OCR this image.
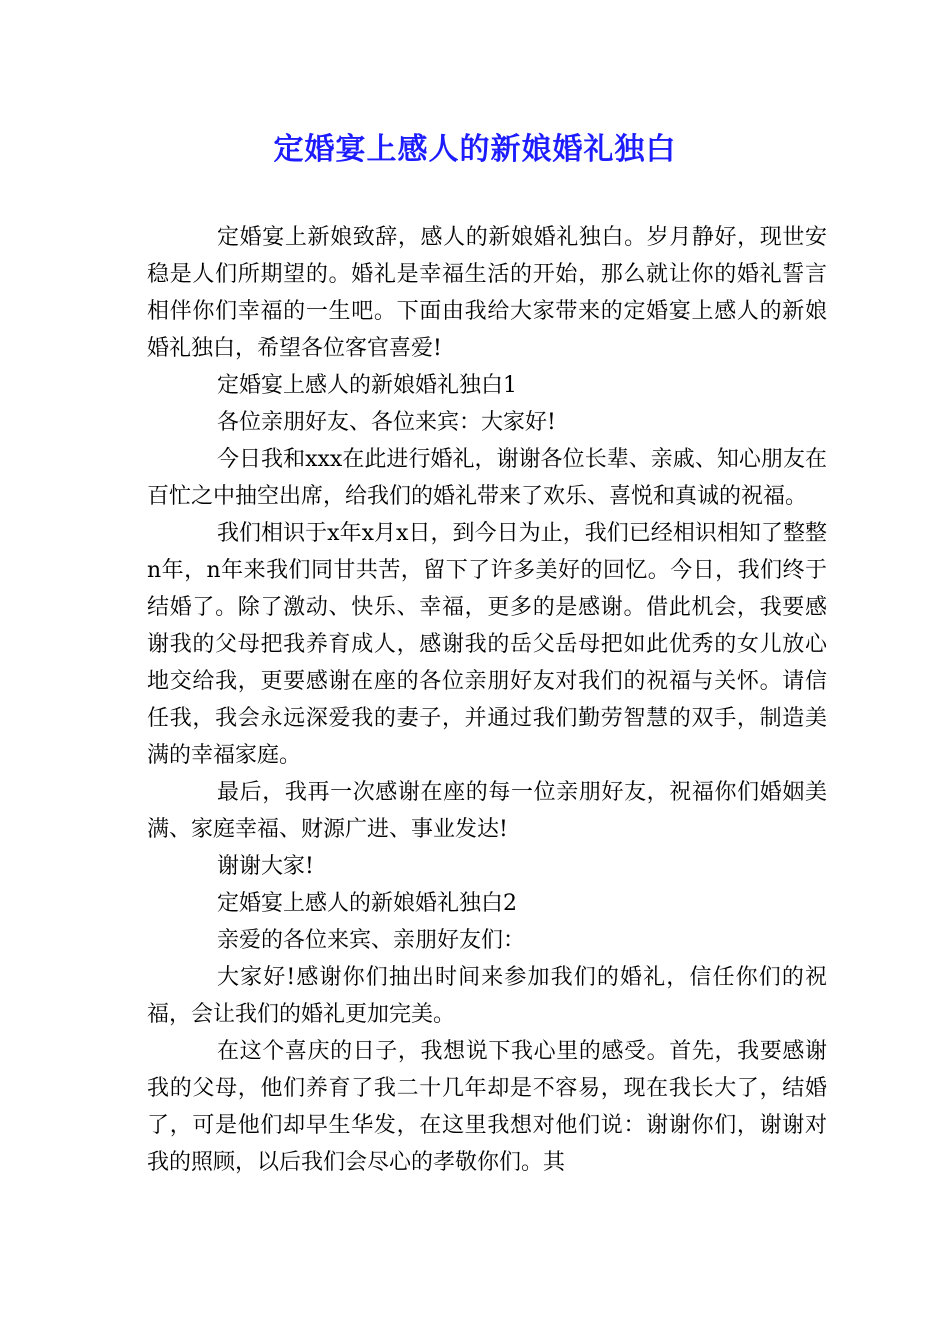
定婚宴上感人的新娘婚礼独白

定婚宴上新娘致辞，感人的新娘婚礼独白。岁月静好，现世安稳是人们所期望的。婚礼是幸福生活的开始，那么就让你的婚礼誓言相伴你们幸福的一生吧。下面由我给大家带来的定婚宴上感人的新娘婚礼独白，希望各位客官喜爱!

定婚宴上感人的新娘婚礼独白1

各位亲朋好友、各位来宾：大家好!

今日我和xxx在此进行婚礼，谢谢各位长辈、亲戚、知心朋友在百忙之中抽空出席，给我们的婚礼带来了欢乐、喜悦和真诚的祝福。

我们相识于x年x月x日，到今日为止，我们已经相识相知了整整n年，n年来我们同甘共苦，留下了许多美好的回忆。今日，我们终于结婚了。除了激动、快乐、幸福，更多的是感谢。借此机会，我要感谢我的父母把我养育成人，感谢我的岳父岳母把如此优秀的女儿放心地交给我，更要感谢在座的各位亲朋好友对我们的祝福与关怀。请信任我，我会永远深爱我的妻子，并通过我们勤劳智慧的双手，制造美满的幸福家庭。

最后，我再一次感谢在座的每一位亲朋好友，祝福你们婚姻美满、家庭幸福、财源广进、事业发达!

谢谢大家!

定婚宴上感人的新娘婚礼独白2

亲爱的各位来宾、亲朋好友们：

大家好!感谢你们抽出时间来参加我们的婚礼，信任你们的祝福，会让我们的婚礼更加完美。

在这个喜庆的日子，我想说下我心里的感受。首先，我要感谢我的父母，他们养育了我二十几年却是不容易，现在我长大了，结婚了，可是他们却早生华发，在这里我想对他们说：谢谢你们，谢谢对我的照顾，以后我们会尽心的孝敬你们。其
